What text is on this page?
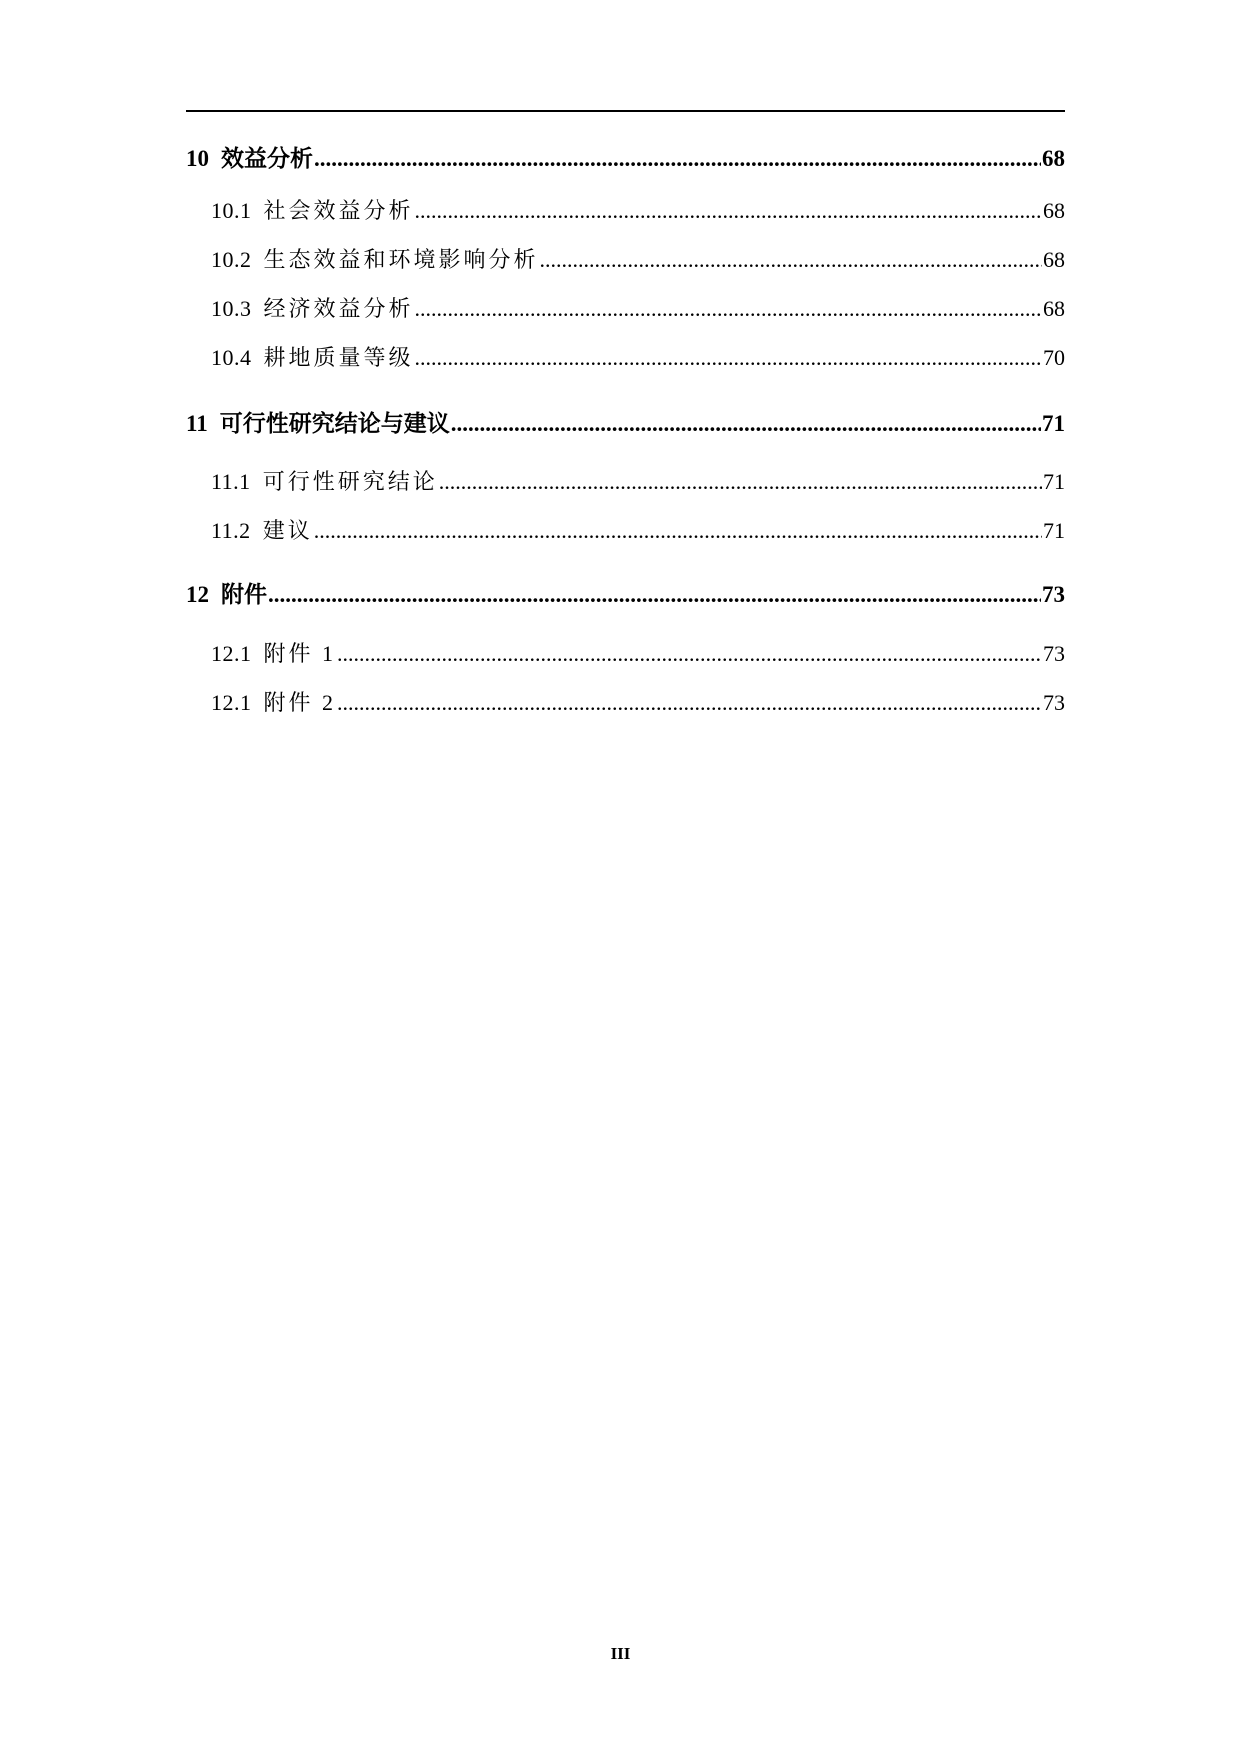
10 效益分析 .....	68
10.1 社会效益分析 .....	68
10.2 生态效益和环境影响分析 .....	68
10.3 经济效益分析 .....	68
10.4 耕地质量等级 .....	70
11 可行性研究结论与建议 .....	71
11.1 可行性研究结论 .....	71
11.2 建议 .....	71
12 附件 .....	73
12.1 附件 1 .....	73
12.1 附件 2 .....	73
III
